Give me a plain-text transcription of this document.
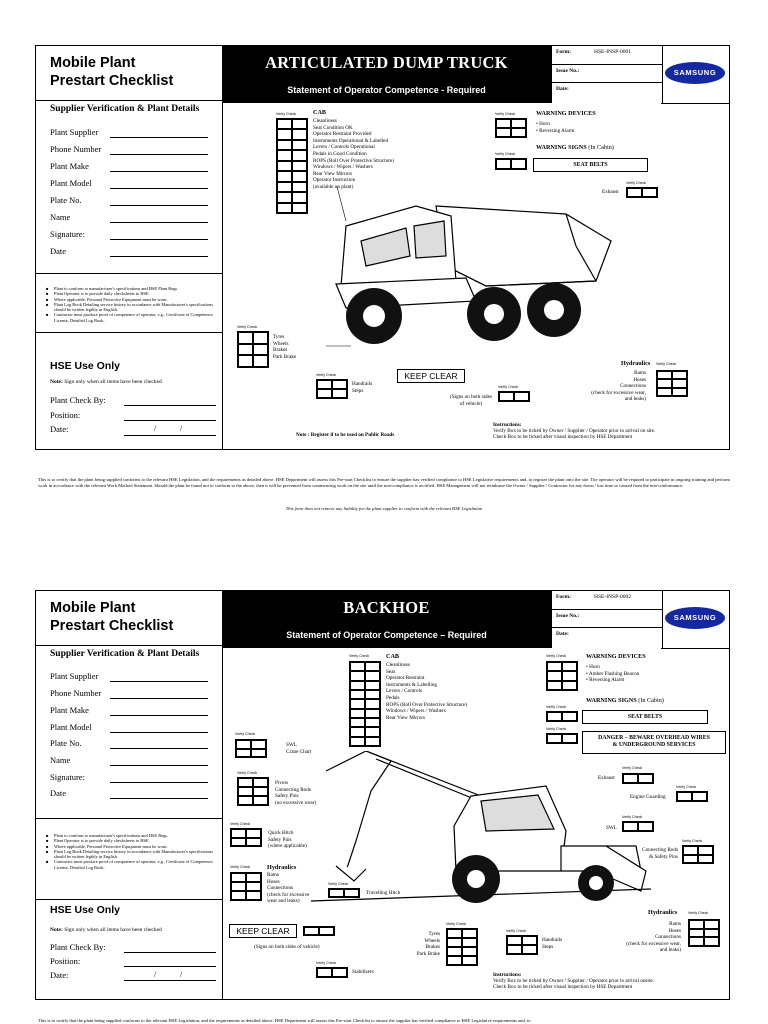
Mobile Plant
Prestart Checklist
Supplier Verification & Plant Details
Plant Supplier
Phone Number
Plant Make
Plant Model
Plate No.
Name
Signature:
Date
■ Plant to conform to manufacturer's specifications and HSE Plant Regs
■ Plant Operator is to provide daily checksheets to HSE.
■ Where applicable, Personal Protective Equipment must be worn.
■ Plant Log Book Detailing service history in accordance with Manufacturer's specifications should be written legibly in English.
■ Contractor must produce proof of competence of operator, e.g., Certificate of Competence, License, Detailed Log Book.
HSE Use Only
Note: Sign only when all items have been checked
Plant Check By:
Position:
Date:	/	/
ARTICULATED DUMP TRUCK
Statement of Operator Competence - Required
Form:	HSE-INSP-0001
Issue No.:
Date:
SAMSUNG
Verify Check	CAB
Cleanliness
Seat Condition OK
Operator Restraint Provided
Instruments Operational & Labelled
Levers / Controls Operational
Pedals in Good Condition
ROPS (Roll Over Protective Structure)
Windows / Wipers / Washers
Rear View Mirrors
Operator Instruction
(available on plant)
Verify Check	WARNING DEVICES
• Horn
• Reversing Alarm
Verify Check
WARNING SIGNS (In Cabin)
SEAT BELTS
Verify Check
Exhaust
Verify Check
Tyres
Wheels
Brakes
Park Brake
Verify Check
Handrails
Steps
KEEP CLEAR
Verify Check
(Signs on both sides
of vehicle)
Hydraulics Verify Check
Rams
Hoses
Connections
(check for excessive wear,
and leaks)
Note : Register if to be used on Public Roads
Instructions:
Verify Box to be ticked by Owner / Supplier / Operator prior to arrival on site.
Check Box to be ticked after visual inspection by HSE Department
This is to certify that the plant being supplied conforms to the relevant HSE Legislation, and the requirements as detailed above. HSE Department will assess this Pre-start Checklist to ensure the supplier has verified compliance to HSE Legislative requirements and, to register the plant onto the site. The operator will be required to participate in ongoing training and perform work in accordance with the relevant Work Method Statement. Should the plant be found not to conform to the above, then it will be prevented from commencing work on the site until the non-compliance is rectified. HSE Management will not reimburse the Owner / Supplier / Contractor for any down / lost time so caused from the non-conformance.
This form does not remove any liability for the plant supplier to conform with the relevant HSE Legislation
Mobile Plant
Prestart Checklist
Supplier Verification & Plant Details
Plant Supplier
Phone Number
Plant Make
Plant Model
Plate No.
Name
Signature:
Date
■ Plant to conform to manufacturer's specifications and HSE Regs.
■ Plant Operator is to provide daily checksheets to HSE.
■ Where applicable, Personal Protective Equipment must be worn.
■ Plant Log Book Detailing service history in accordance with Manufacturer's specifications should be written legibly in English.
■ Contractor must produce proof of competence of operator, e.g., Certificate of Competence, License, Detailed Log Book.
HSE Use Only
Note: Sign only when all items have been checked
Plant Check By:
Position:
Date:	/	/
BACKHOE
Statement of Operator Competence – Required
Form:	HSE-INSP-0002
Issue No.:
Date:
SAMSUNG
Verify Check	CAB
Cleanliness
Seat
Operator Restraint
Instruments & Labelling
Levers / Controls
Pedals
ROPS (Roll Over Protective Structure)
Windows / Wipers / Washers
Rear View Mirrors
Verify Check	WARNING DEVICES
• Horn
• Amber Flashing Beacon
• Reversing Alarm
WARNING SIGNS (In Cabin)
Verify Check
SEAT BELTS
Verify Check
DANGER – BEWARE OVERHEAD WIRES
& UNDERGROUND SERVICES
Verify Check
SWL
Crane Chart
Verify Check
Pivots
Connecting Rods
Safety Pins
(no excessive wear)
Verify Check
Quick Hitch
Safety Pins
(where applicable)
Verify Check	Hydraulics
Rams
Hoses
Connections
(check for excessive
wear and leaks)
Verify Check
Travelling Hitch
KEEP CLEAR
(Signs on both sides of vehicle)
Verify Check
Tyres
Wheels
Brakes
Park Brake
Verify Check
Handrails
Steps
Verify Check
Stabilisers
Verify Check
Exhaust
Verify Check
Engine Guarding
Verify Check
SWL
Verify Check
Connecting Rods
& Safety Pins
Hydraulics	Verify Check
Rams
Hoses
Connections
(check for excessive wear,
and leaks)
Instructions:
Verify Box to be ticked by Owner / Supplier / Operator prior to arrival onsite.
Check Box to be ticked after visual inspection by HSE Department
This is to certify that the plant being supplied conforms to the relevant HSE Legislation, and the requirements as detailed above. HSE Department will assess this Pre-start Checklist to ensure the supplier has verified compliance to HSE Legislative requirements and, to
